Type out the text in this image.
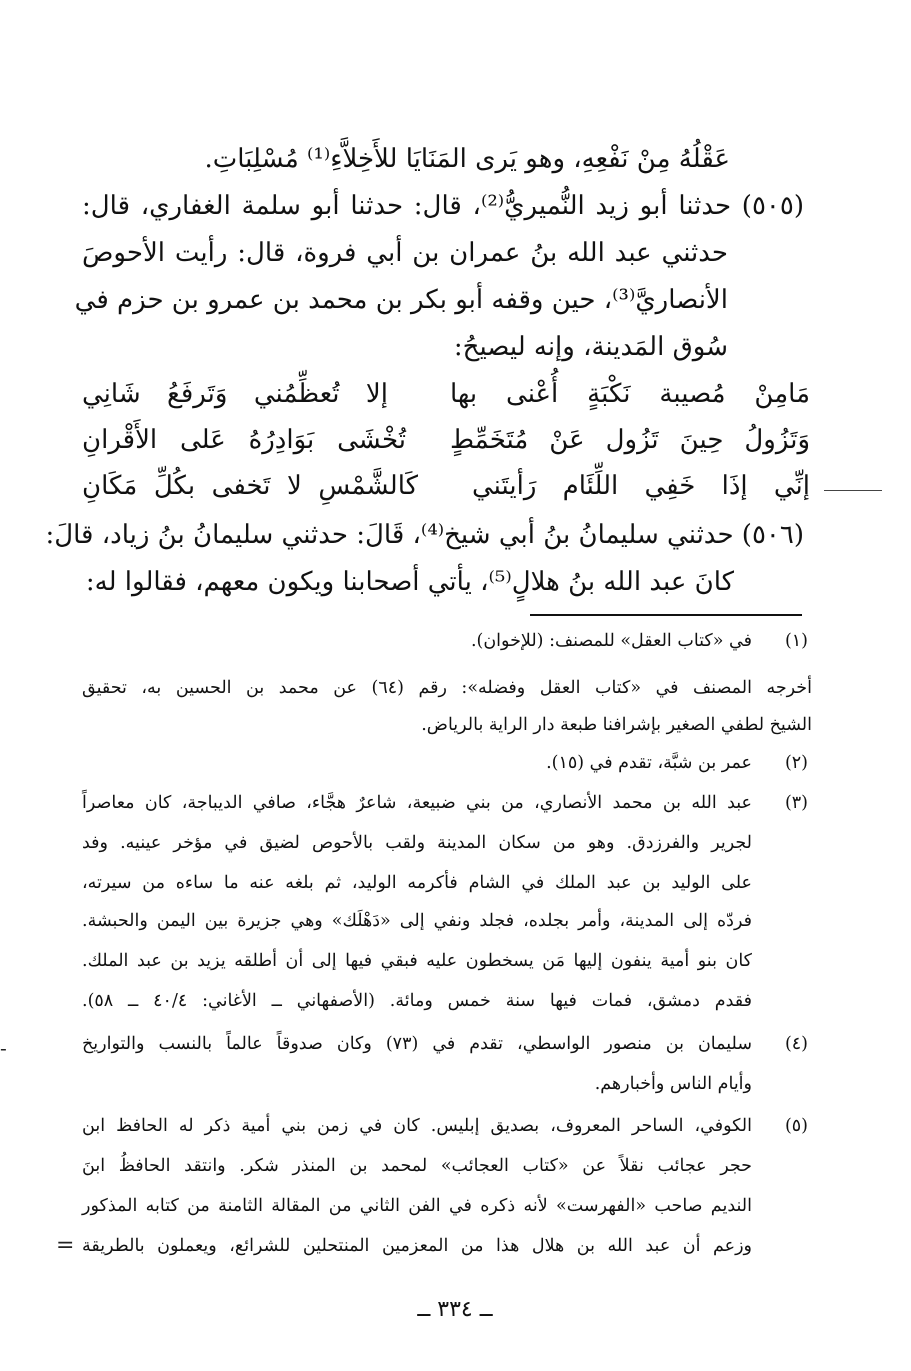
عَقْلُهُ مِنْ نَفْعِهِ، وهو يَرى المَنَايَا للأَخِلاَّءِ⁽¹⁾ مُسْلِبَاتِ.
(٥٠٥) حدثنا أبو زيد النُّميريُّ⁽²⁾، قال: حدثنا أبو سلمة الغفاري، قال:
حدثني عبد الله بنُ عمران بن أبي فروة، قال: رأيت الأحوصَ
الأنصاريَّ⁽³⁾، حين وقفه أبو بكر بن محمد بن عمرو بن حزم في
سُوق المَدينة، وإنه ليصيحُ:
مَامِنْ مُصيبة نَكْبَةٍ أُعْنى بها
إلا تُعظِّمُني وَتَرفَعُ شَانِي
وَتَزُولُ حِينَ تَزُول عَنْ مُتَخَمِّطٍ
تُخْشَى بَوَادِرُهُ عَلى الأَقْرانِ
إنِّي إذَا خَفِي اللِّئَام رَأيتَني
كَالشَّمْسِ لا تَخفى بكُلِّ مَكَانِ
(٥٠٦) حدثني سليمانُ بنُ أبي شيخ⁽⁴⁾، قَالَ: حدثني سليمانُ بنُ زياد، قالَ:
كانَ عبد الله بنُ هلالٍ⁽⁵⁾، يأتي أصحابنا ويكون معهم، فقالوا له:
(١)
في «كتاب العقل» للمصنف: (للإخوان).
أخرجه المصنف في «كتاب العقل وفضله»: رقم (٦٤) عن محمد بن الحسين به، تحقيق
الشيخ لطفي الصغير بإشرافنا طبعة دار الراية بالرياض.
(٢)
عمر بن شبَّة، تقدم في (١٥).
(٣)
عبد الله بن محمد الأنصاري، من بني ضبيعة، شاعرٌ هجَّاء، صافي الديباجة، كان معاصراً
لجرير والفرزدق. وهو من سكان المدينة ولقب بالأحوص لضيق في مؤخر عينيه. وفد
على الوليد بن عبد الملك في الشام فأكرمه الوليد، ثم بلغه عنه ما ساءه من سيرته،
فردّه إلى المدينة، وأمر بجلده، فجلد ونفي إلى «دَهْلَك» وهي جزيرة بين اليمن والحبشة.
كان بنو أمية ينفون إليها مَن يسخطون عليه فبقي فيها إلى أن أطلقه يزيد بن عبد الملك.
فقدم دمشق، فمات فيها سنة خمس ومائة. (الأصفهاني ــ الأغاني: ٤٠/٤ ــ ٥٨).
(٤)
سليمان بن منصور الواسطي، تقدم في (٧٣) وكان صدوقاً عالماً بالنسب والتواريخ
وأيام الناس وأخبارهم.
-
(٥)
الكوفي، الساحر المعروف، بصديق إبليس. كان في زمن بني أمية ذكر له الحافظ ابن
حجر عجائب نقلاً عن «كتاب العجائب» لمحمد بن المنذر شكر. وانتقد الحافظُ ابنَ
النديم صاحب «الفهرست» لأنه ذكره في الفن الثاني من المقالة الثامنة من كتابه المذكور
وزعم أن عبد الله بن هلال هذا من المعزمين المنتحلين للشرائع، ويعملون بالطريقة
=
ــ ٣٣٤ ــ
